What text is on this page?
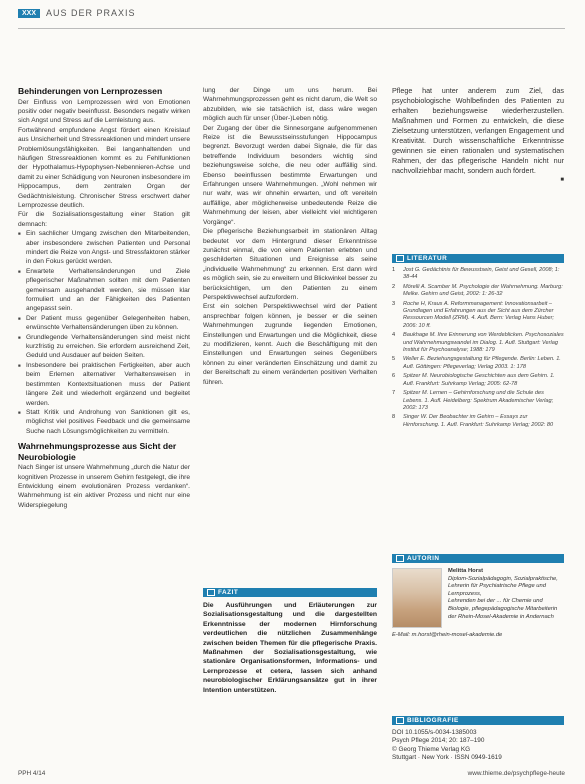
XXX	AUS DER PRAXIS
Behinderungen von Lernprozessen

Der Einfluss von Lernprozessen wird von Emotionen positiv oder negativ beeinflusst. Besonders negativ wirken sich Angst und Stress auf die Lernleistung aus.

Fortwährend empfundene Angst fördert einen Kreislauf aus Unsicherheit und Stressreaktionen und mindert unsere Problemlösungsfähigkeiten. Bei langanhaltenden und häufigen Stressreaktionen kommt es zu Fehlfunktionen der Hypothalamus-Hypophysen-Nebennieren-Achse und damit zu einer Schädigung von Neuronen insbesondere im Hippocampus, dem zentralen Organ der Gedächtnisleistung. Chronischer Stress erschwert daher Lernprozesse deutlich.

Für die Sozialisationsgestaltung einer Station gilt demnach:

■ Ein sachlicher Umgang zwischen den Mitarbeitenden, aber insbesondere zwischen Patienten und Personal mindert die Reize von Angst- und Stressfaktoren stärker in den Fokus gerückt werden.
■ Erwartete Verhaltensänderungen und Ziele pflegerischer Maßnahmen sollten mit dem Patienten gemeinsam ausgehandelt werden, sie müssen klar formuliert und an der Fähigkeiten des Patienten angepasst sein.
■ Der Patient muss gegenüber Gelegenheiten haben, erwünschte Verhaltensänderungen üben zu können.
■ Grundlegende Verhaltensänderungen sind meist nicht kurzfristig zu erreichen. Sie erfordern ausreichend Zeit, Geduld und Ausdauer auf beiden Seiten.
■ Insbesondere bei praktischen Fertigkeiten, aber auch beim Erlernen alternativer Verhaltensweisen in bestimmten Kontextsituationen muss der Patient längere Zeit und wiederholt ergänzend und begleitet werden.
■ Statt Kritik und Androhung von Sanktionen gilt es, möglichst viel positives Feedback und die gemeinsame Suche nach Lösungsmöglichkeiten zu vermitteln.
Wahrnehmungsprozesse aus Sicht der Neurobiologie

Nach Singer ist unsere Wahrnehmung „durch die Natur der kognitiven Prozesse in unserem Gehirn festgelegt, die ihre Entwicklung einem evolutionären Prozess verdanken“. Wahrnehmung ist ein aktiver Prozess und nicht nur eine Widerspiegelung

lung der Dinge um uns herum. Bei Wahrnehmungsprozessen geht es nicht darum, die Welt so abzubilden, wie sie tatsächlich ist, dass wäre wegen möglich auch für unser (Über-)Leben nötig.

Der Zugang der über die Sinnesorgane aufgenommenen Reize ist die Bewusstseinsstufungen Hippocampus begrenzt. Bevorzugt werden dabei Signale, die für das betreffende Individuum besonders wichtig sind beziehungsweise solche, die neu oder auffällig sind. Ebenso beeinflussen bestimmte Erwartungen und Erfahrungen unsere Wahrnehmungen. „Wohl nehmen wir nur wahr, was wir ohnehin erwarten, und oft vereiteln auffällige, aber möglicherweise unbedeutende Reize die Wahrnehmung der leisen, aber vielleicht viel wichtigeren Vorgänge“.

Die pflegerische Beziehungsarbeit im stationären Alltag bedeutet vor dem Hintergrund dieser Erkenntnisse zunächst einmal, die von einem Patienten erlebten und geschilderten Situationen und Ereignisse als seine „individuelle Wahrnehmung“ zu erkennen. Erst dann wird es möglich sein, sie zu erweitern und Blickwinkel besser zu berücksichtigen, um den Patienten zu einem Perspektivwechsel aufzufordern.

Erst ein solchen Perspektivwechsel wird der Patient ansprechbar folgen können, je besser er die seinen Wahrnehmungen zugrunde liegenden Emotionen, Einstellungen und Erwartungen und die Möglichkeit, diese zu modifizieren, kennt. Auch die Beschäftigung mit den Einstellungen und Erwartungen seines Gegenübers können zu einer veränderten Einschätzung und damit zu der Bereitschaft zu einem veränderten positiven Verhalten führen.

FAZIT

Die Ausführungen und Erläuterungen zur Sozialisationsgestaltung und die dargestellten Erkenntnisse der modernen Hirnforschung verdeutlichen die nützlichen Zusammenhänge zwischen beiden Themen für die pflegerische Praxis. Maßnahmen der Sozialisationsgestaltung, wie stationäre Organisationsformen, Informations- und Lernprozesse et cetera, lassen sich anhand neurobiologischer Erklärungsansätze gut in ihrer Intention unterstützen.

Pflege hat unter anderem zum Ziel, das psychobiologische Wohlbefinden des Patienten zu erhalten beziehungsweise wiederherzustellen. Maßnahmen und Formen zu entwickeln, die diese Zielsetzung unterstützen, verlangen Engagement und Kreativität. Durch wissenschaftliche Erkenntnisse gewinnen sie einen rationalen und systematischen Rahmen, der das pflegerische Handeln nicht nur nachvollziehbar macht, sondern auch fördert.

■
LITERATUR
1 Jost G. Gedächtnis für Bewusstsein, Geist und Gesell, 2008; 1: 38-44
2 Mörelli A. Scamber M. Psychologie der Wahrnehmung. Marburg: Melke. Gehirn und Geist, 2002: 1: 26-32
3 Roche H, Kraus A. Reformmanagement: Innovationsarbeit – Grundlagen und Erfahrungen aus der Sicht aus dem Zürcher Ressourcen Modell (ZRM). 4. Aufl. Bern: Verlag Hans Huber; 2006: 10 ff.
4 Baukhage M. Ihre Erinnerung von Werdeblicken. Psychosoziales und Wahrnehmungswandel im Dialog. 1. Aufl. Stuttgart: Verlag Institut für Psychoanalyse; 1988: 179
5 Weller E. Beziehungsgestaltung für Pflegende. Berlin: Leben. 1. Aufl. Göttingen: Pflegeverlag; Verlag 2003. 1: 178
6 Spitzer M. Neurobiologische Geschichten aus dem Gehirn. 1. Aufl. Frankfurt: Suhrkamp Verlag; 2005: 62-78
7 Spitzer M. Lernen – Gehirnforschung und die Schule des Lebens. 1. Aufl. Heidelberg: Spektrum Akademischer Verlag; 2002: 173
8 Singer W. Der Beobachter im Gehirn – Essays zur Hirnforschung. 1. Aufl. Frankfurt: Suhrkamp Verlag; 2002: 80
AUTORIN
Melitta Horst
Diplom-Sozialpädagogin, Sozialpraktische, Lehrerin für Psychiatrische Pflege und Lernprozess,
Lehrenden bei der ... für Chemie und Biologie, pflegepädagogische Mitarbeiterin der Rhein-Mosel-Akademie in Andernach
E-Mail: m.horst@rhein-mosel-akademie.de
BIBLIOGRAFIE
DOI 10.1055/s-0034-1385003
Psych Pflege 2014; 20: 187–190
© Georg Thieme Verlag KG
Stuttgart · New York · ISSN 0949-1619
PPH 4/14	www.thieme.de/psychpflege-heute
